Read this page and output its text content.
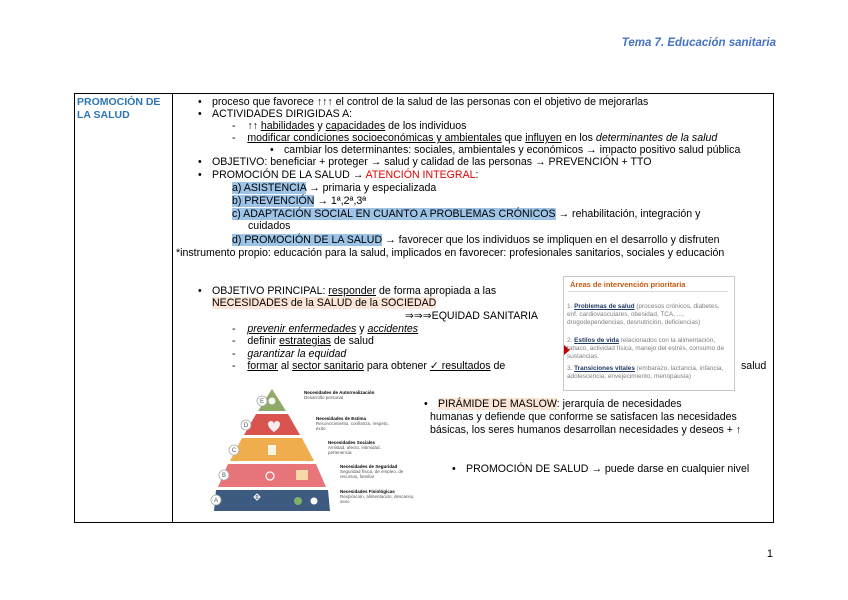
Tema 7. Educación sanitaria
PROMOCIÓN DE
LA SALUD
• proceso que favorece ↑↑↑ el control de la salud de las personas con el objetivo de mejorarlas
• ACTIVIDADES DIRIGIDAS A:
-    ↑↑ habilidades y capacidades de los individuos
-    modificar condiciones socioeconómicas y ambientales que influyen en los determinantes de la salud
• cambiar los determinantes: sociales, ambientales y económicos → impacto positivo salud pública
• OBJETIVO: beneficiar + proteger → salud y calidad de las personas → PREVENCIÓN + TTO
• PROMOCIÓN DE LA SALUD → ATENCIÓN INTEGRAL:
a) ASISTENCIA → primaria y especializada
b) PREVENCIÓN → 1ª,2ª,3ª
c) ADAPTACIÓN SOCIAL EN CUANTO A PROBLEMAS CRÓNICOS → rehabilitación, integración y
cuidados
d) PROMOCIÓN DE LA SALUD → favorecer que los individuos se impliquen en el desarrollo y disfruten
*instrumento propio: educación para la salud, implicados en favorecer: profesionales sanitarios, sociales y educación
• OBJETIVO PRINCIPAL: responder de forma apropiada a las
NECESIDADES de la SALUD de la SOCIEDAD
⇒⇒⇒EQUIDAD SANITARIA
-    prevenir enfermedades y accidentes
-    definir estrategias de salud
-    garantizar la equidad
-    formar al sector sanitario para obtener ✓ resultados de	salud
Áreas de intervención prioritaria
1. Problemas de salud (procesos crónicos, diabetes, enf. cardiovasculares, obesidad, TCA, ..., drogodependencias, desnutrición, deficiencias)
2. Estilos de vida relacionados con la alimentación, tabaco, actividad física, manejo del estrés, consumo de sustancias.
3. Transiciones vitales (embarazo, lactancia, infancia, adolescencia, envejecimiento, menopausia)
E
D
C
B
A
Necesidades de Autorrealización
Desarrollo personal
Necesidades de Estima
Reconocimiento, confianza, respeto, éxito
Necesidades Sociales
Amistad, afecto, intimidad, pertenencia
Necesidades de Seguridad
Seguridad física, de empleo, de recursos, familiar
Necesidades Fisiológicas
Respiración, alimentación, descanso, sexo
• PIRÁMIDE DE MASLOW: jerarquía de necesidades
humanas y defiende que conforme se satisfacen las necesidades
básicas, los seres humanos desarrollan necesidades y deseos + ↑
• PROMOCIÓN DE SALUD → puede darse en cualquier nivel
1
